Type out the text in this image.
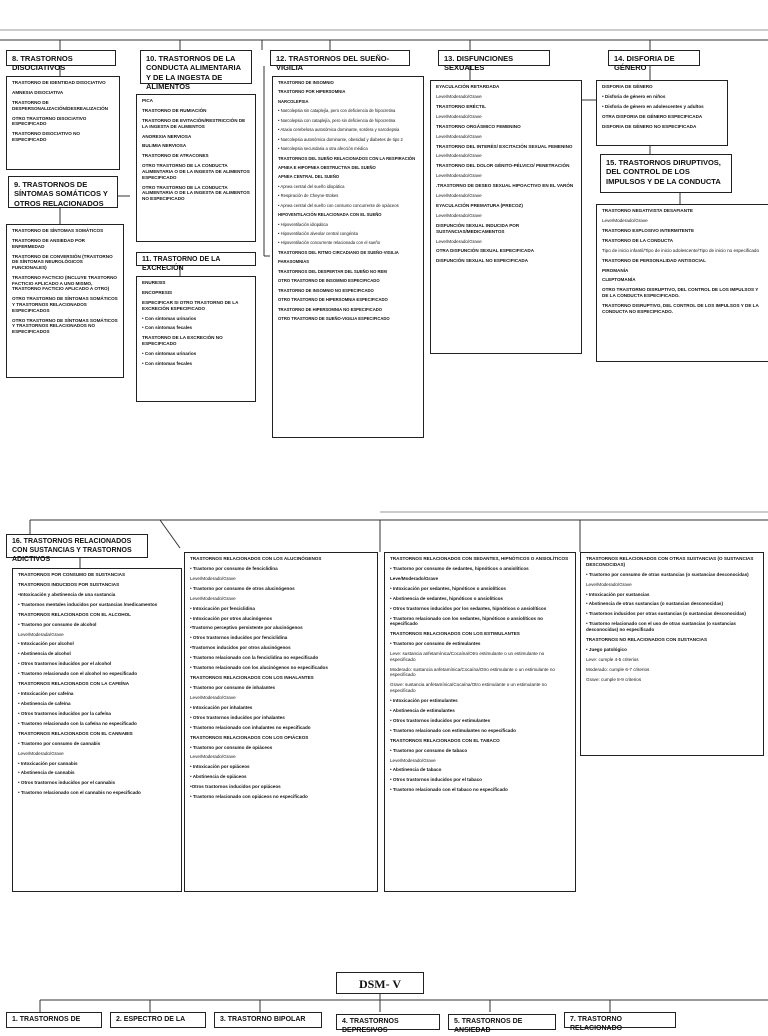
8. TRASTORNOS DISOCIATIVOS
TRASTORNO DE IDENTIDAD DISOCIATIVO
AMNESIA DISOCIATIVA
TRASTORNO DE DESPERSONALIZACIÓN/DESREALIZACIÓN
OTRO TRASTORNO DISOCIATIVO ESPECIFICADO
TRASTORNO DISOCIATIVO NO ESPECIFICADO
9. TRASTORNOS DE SÍNTOMAS SOMÁTICOS Y OTROS RELACIONADOS
TRASTORNO DE SÍNTOMAS SOMÁTICOS
TRASTORNO DE ANSIEDAD POR ENFERMEDAD
TRASTORNO DE CONVERSIÓN (TRASTORNO DE SÍNTOMAS NEUROLÓGICOS FUNCIONALES)
TRASTORNO FACTICIO (INCLUYE TRASTORNO FACTICIO APLICADO A UNO MISMO, TRASTORNO FACTICIO APLICADO A OTRO)
OTRO TRASTORNO DE SÍNTOMAS SOMÁTICOS Y TRASTORNOS RELACIONADOS ESPECIFICADOS
OTRO TRASTORNO DE SÍNTOMAS SOMÁTICOS Y TRASTORNOS RELACIONADOS NO ESPECIFICADOS
10. TRASTORNOS DE LA CONDUCTA ALIMENTARIA Y DE LA INGESTA DE ALIMENTOS
PICA
TRASTORNO DE RUMIACIÓN
TRASTORNO DE EVITACIÓN/RESTRICCIÓN DE LA INGESTA DE ALIMENTOS
ANOREXIA NERVIOSA
BULIMIA NERVIOSA
TRASTORNO DE ATRACONES
OTRO TRASTORNO DE LA CONDUCTA ALIMENTARIA O DE LA INGESTA DE ALIMENTOS ESPECIFICADO
OTRO TRASTORNO DE LA CONDUCTA ALIMENTARIA O DE LA INGESTA DE ALIMENTOS NO ESPECIFICADO
11. TRASTORNO DE LA EXCRECIÓN
ENURESIS
ENCOPRESIS
ESPECIFICAR SI OTRO TRASTORNO DE LA EXCRECIÓN ESPECIFICADO
• Con síntomas urinarios
• Con síntomas fecales
TRASTORNO DE LA EXCRECIÓN NO ESPECIFICADO
• Con síntomas urinarios
• Con síntomas fecales
12. TRASTORNOS DEL SUEÑO-VIGILIA
TRASTORNO DE INSOMNIO
TRASTORNO POR HIPERSOMNIA
NARCOLEPSIA
• Narcolepsia sin cataplejía, pero con deficiencia de hipocretina
• Narcolepsia con cataplejía, pero sin deficiencia de hipocretina
• Ataxia cerebelosa autosómica dominante, sordera y narcolepsia
• Narcolepsia autosómica dominante, obesidad y diabetes de tipo 2
• Narcolepsia secundaria a otra afección médica
TRASTORNOS DEL SUEÑO RELACIONADOS CON LA RESPIRACIÓN
APNEA E HIPOPNEA OBSTRUCTIVA DEL SUEÑO
APNEA CENTRAL DEL SUEÑO
• Apnea central del sueño idiopática
• Respiración de Cheyne-Stokes
• Apnea central del sueño con consumo concurrente de opiáceos
HIPOVENTILACIÓN RELACIONADA CON EL SUEÑO
• Hipoventilación idiopática
• Hipoventilación alveolar central congénita
• Hipoventilación concurrente relacionada con el sueño
TRASTORNOS DEL RITMO CIRCADIANO DE SUEÑO-VIGILIA
PARASOMNIAS
TRASTORNOS DEL DESPERTAR DEL SUEÑO NO REM
OTRO TRASTORNO DE INSOMNIO ESPECIFICADO
TRASTORNO DE INSOMNIO NO ESPECIFICADO
OTRO TRASTORNO DE HIPERSOMNIA ESPECIFICADO
TRASTORNO DE HIPERSOMNIA NO ESPECIFICADO
OTRO TRASTORNO DE SUEÑO-VIGILIA ESPECIFICADO
13. DISFUNCIONES SEXUALES
EYACULACIÓN RETARDADA
Leve/Moderado/Grave
TRASTORNO ERÉCTIL
Leve/Moderado/Grave
TRASTORNO ORGÁSMICO FEMENINO
Leve/Moderado/Grave
TRASTORNO DEL INTERÉS/ EXCITACIÓN SEXUAL FEMENINO
Leve/Moderado/Grave
TRASTORNO DEL DOLOR GÉNITO-PÉLVICO/ PENETRACIÓN
Leve/Moderado/Grave
.TRASTORNO DE DESEO SEXUAL HIPOACTIVO EN EL VARÓN
Leve/Moderado/Grave
EYACULACIÓN PREMATURA (PRECOZ)
Leve/Moderado/Grave
DISFUNCIÓN SEXUAL INDUCIDA POR SUSTANCIAS/MEDICAMENTOS
Leve/Moderado/Grave
OTRA DISFUNCIÓN SEXUAL ESPECIFICADA
DISFUNCIÓN SEXUAL NO ESPECIFICADA
14. DISFORIA DE GÉNERO
DISFORIA DE GÉNERO
• Disforia de género en niños
• Disforia de género en adolescentes y adultos
OTRA DISFORIA DE GÉNERO ESPECIFICADA
DISFORIA DE GÉNERO NO ESPECIFICADA
15. TRASTORNOS DIRUPTIVOS, DEL CONTROL DE LOS IMPULSOS Y DE LA CONDUCTA
TRASTORNO NEGATIVISTA DESAFIANTE
Leve/Moderado/Grave
TRASTORNO EXPLOSIVO INTERMITENTE
TRASTORNO DE LA CONDUCTA
Tipo de inicio infantil/Tipo de inicio adolescente/Tipo de inicio no especificado
TRASTORNO DE PERSONALIDAD ANTISOCIAL
PIROMANÍA
CLEPTOMANÍA
OTRO TRASTORNO DISRUPTIVO, DEL CONTROL DE LOS IMPULSOS Y DE LA CONDUCTA ESPECIFICADO.
TRASTORNO DISRUPTIVO, DEL CONTROL DE LOS IMPULSOS Y DE LA CONDUCTA NO ESPECIFICADO.
16. TRASTORNOS RELACIONADOS CON SUSTANCIAS Y TRASTORNOS ADICTIVOS
TRASTORNOS POR CONSUMO DE SUSTANCIAS
TRASTORNOS INDUCIDOS POR SUSTANCIAS
•Intoxicación y abstinencia de una sustancia
• Trastornos mentales inducidos por sustancias /medicamentos
TRASTORNOS RELACIONADOS CON EL ALCOHOL
• Trastorno por consumo de alcohol
Leve/Moderada/Grave
• Intoxicación por alcohol
• Abstinencia de alcohol
• Otros trastornos inducidos por el alcohol
• Trastorno relacionado con el alcohol no especificado
TRASTORNOS RELACIONADOS CON LA CAFEÍNA
• Intoxicación por cafeína
• Abstinencia de cafeína
• Otros trastornos inducidos por la cafeína
• Trastorno relacionado con la cafeína no especificado
TRASTORNOS RELACIONADOS CON EL CANNABIS
• Trastorno por consumo de cannabis
Leve/Moderado/Grave
• Intoxicación por cannabis
• Abstinencia de cannabis
• Otros trastornos inducidos por el cannabis
• Trastorno relacionado con el cannabis no especificado
TRASTORNOS RELACIONADOS CON LOS ALUCINÓGENOS
• Trastorno por consumo de fenciclidina
Leve/Moderado/Grave
• Trastorno por consumo de otros alucinógenos
Leve/Moderado/Grave
• Intoxicación por fenciclidina
• Intoxicación por otros alucinógenos
•Trastorno perceptivo persistente por alucinógenos
• Otros trastornos inducidos por fenciclidina
•Trastornos inducidos por otros alucinógenos
• Trastorno relacionado con la fenciclidina no especificado
• Trastorno relacionado con los alucinógenos no especificados
TRASTORNOS RELACIONADOS CON LOS INHALANTES
• Trastorno por consumo de inhalantes
Leve/Moderado/Grave
• Intoxicación por inhalantes
• Otros trastornos inducidos por inhalantes
• Trastorno relacionado con inhalantes no especificado
TRASTORNOS RELACIONADOS CON LOS OPIÁCEOS
• Trastorno por consumo de opiáceos
Leve/Moderado/Grave
• Intoxicación por opiáceos
• Abstinencia de opiáceos
•Otros trastornos inducidos por opiáceos
• Trastorno relacionado con opiáceos no especificado
TRASTORNOS RELACIONADOS CON SEDANTES, HIPNÓTICOS O ANSIOLÍTICOS
• Trastorno por consumo de sedantes, hipnóticos o ansiolíticos
Leve/Moderado/Grave
• Intoxicación por sedantes, hipnóticos o ansiolíticos
• Abstinencia de sedantes, hipnóticos o ansiolíticos
• Otros trastornos inducidos por los sedantes, hipnóticos o ansiolíticos
• Trastorno relacionado con los sedantes, hipnóticos o ansiolíticos no especificado
TRASTORNOS RELACIONADOS CON LOS ESTIMULANTES
• Trastorno por consumo de estimulantes
Leve: sustancia anfetamínica/Cocaína/Otro estimulante o un estimulante no especificado
Moderado: sustancia anfetamínica/Cocaína/Otro estimulante o un estimulante no especificado
Grave: sustancia anfetamínica/Cocaína/Otro estimulante o un estimulante no especificado
• Intoxicación por estimulantes
• Abstinencia de estimulantes
• Otros trastornos inducidos por estimulantes
• Trastorno relacionado con estimulantes no especificado
TRASTORNOS RELACIONADOS CON EL TABACO
• Trastorno por consumo de tabaco
Leve/Moderado/Grave
• Abstinencia de tabaco
• Otros trastornos inducidos por el tabaco
• Trastorno relacionado con el tabaco no especificado
TRASTORNOS RELACIONADOS CON OTRAS SUSTANCIAS (O SUSTANCIAS DESCONOCIDAS)
• Trastorno por consumo de otras sustancias (o sustancias desconocidas)
Leve/Moderado/Grave
• Intoxicación por sustancias
• Abstinencia de otras sustancias (o sustancias desconocidas)
• Trastornos inducidos por otras sustancias (o sustancias desconocidas)
• Trastorno relacionado con el uso de otras sustancias (o sustancias desconocidas) no especificado
TRASTORNOS NO RELACIONADOS CON SUSTANCIAS
• Juego patológico
Leve: cumple 4-5 criterios
Moderado: cumple 6-7 criterios
Grave: cumple 8-9 criterios
DSM- V
1. TRASTORNOS DE	2. ESPECTRO DE LA	3. TRASTORNO BIPOLAR	4. TRASTORNOS DEPRESIVOS
5. TRASTORNOS DE ANSIEDAD
7. TRASTORNO RELACIONADO
